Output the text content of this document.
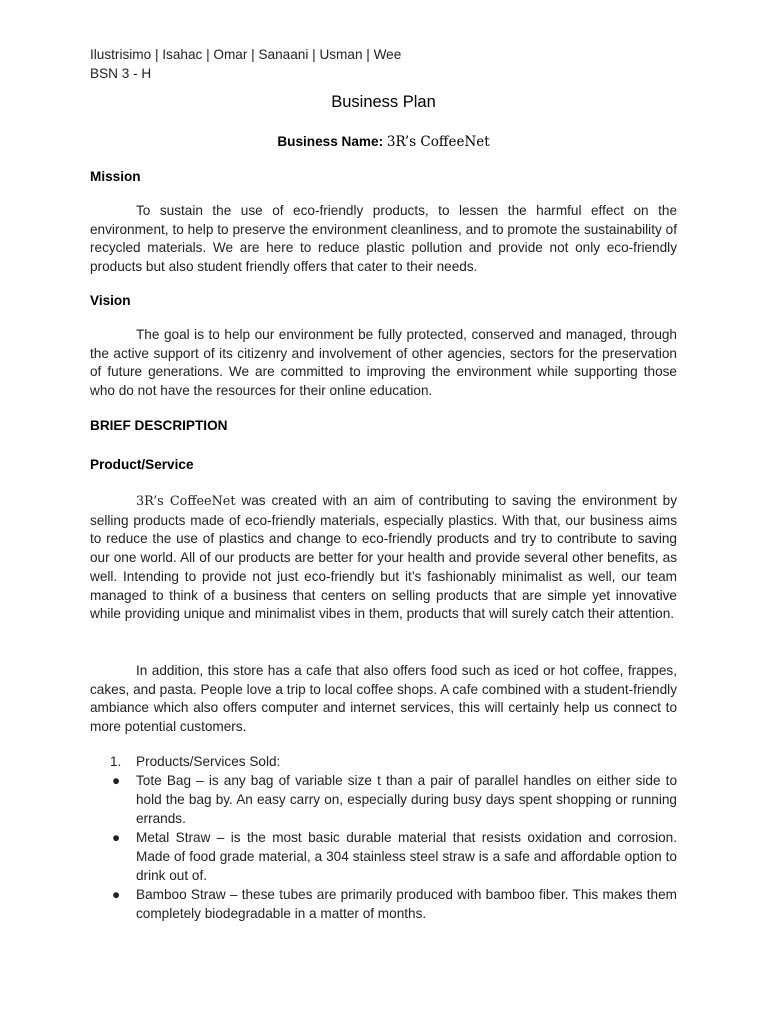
Ilustrisimo | Isahac | Omar | Sanaani | Usman | Wee

BSN 3 - H

Business Plan
Business Name: 3R’s CoffeeNet
Mission

To sustain the use of eco-friendly products, to lessen the harmful effect on the environment, to help to preserve the environment cleanliness, and to promote the sustainability of recycled materials. We are here to reduce plastic pollution and provide not only eco-friendly products but also student friendly offers that cater to their needs.

Vision

The goal is to help our environment be fully protected, conserved and managed, through the active support of its citizenry and involvement of other agencies, sectors for the preservation of future generations. We are committed to improving the environment while supporting those who do not have the resources for their online education.

BRIEF DESCRIPTION
Product/Service

3R’s CoffeeNet was created with an aim of contributing to saving the environment by selling products made of eco-friendly materials, especially plastics. With that, our business aims to reduce the use of plastics and change to eco-friendly products and try to contribute to saving our one world. All of our products are better for your health and provide several other benefits, as well. Intending to provide not just eco-friendly but it’s fashionably minimalist as well, our team managed to think of a business that centers on selling products that are simple yet innovative while providing unique and minimalist vibes in them, products that will surely catch their attention.

In addition, this store has a cafe that also offers food such as iced or hot coffee, frappes, cakes, and pasta. People love a trip to local coffee shops. A cafe combined with a student-friendly ambiance which also offers computer and internet services, this will certainly help us connect to more potential customers.

1. Products/Services Sold:
● Tote Bag – is any bag of variable size t than a pair of parallel handles on either side to hold the bag by. An easy carry on, especially during busy days spent shopping or running errands.
● Metal Straw – is the most basic durable material that resists oxidation and corrosion. Made of food grade material, a 304 stainless steel straw is a safe and affordable option to drink out of.
● Bamboo Straw – these tubes are primarily produced with bamboo fiber. This makes them completely biodegradable in a matter of months.
